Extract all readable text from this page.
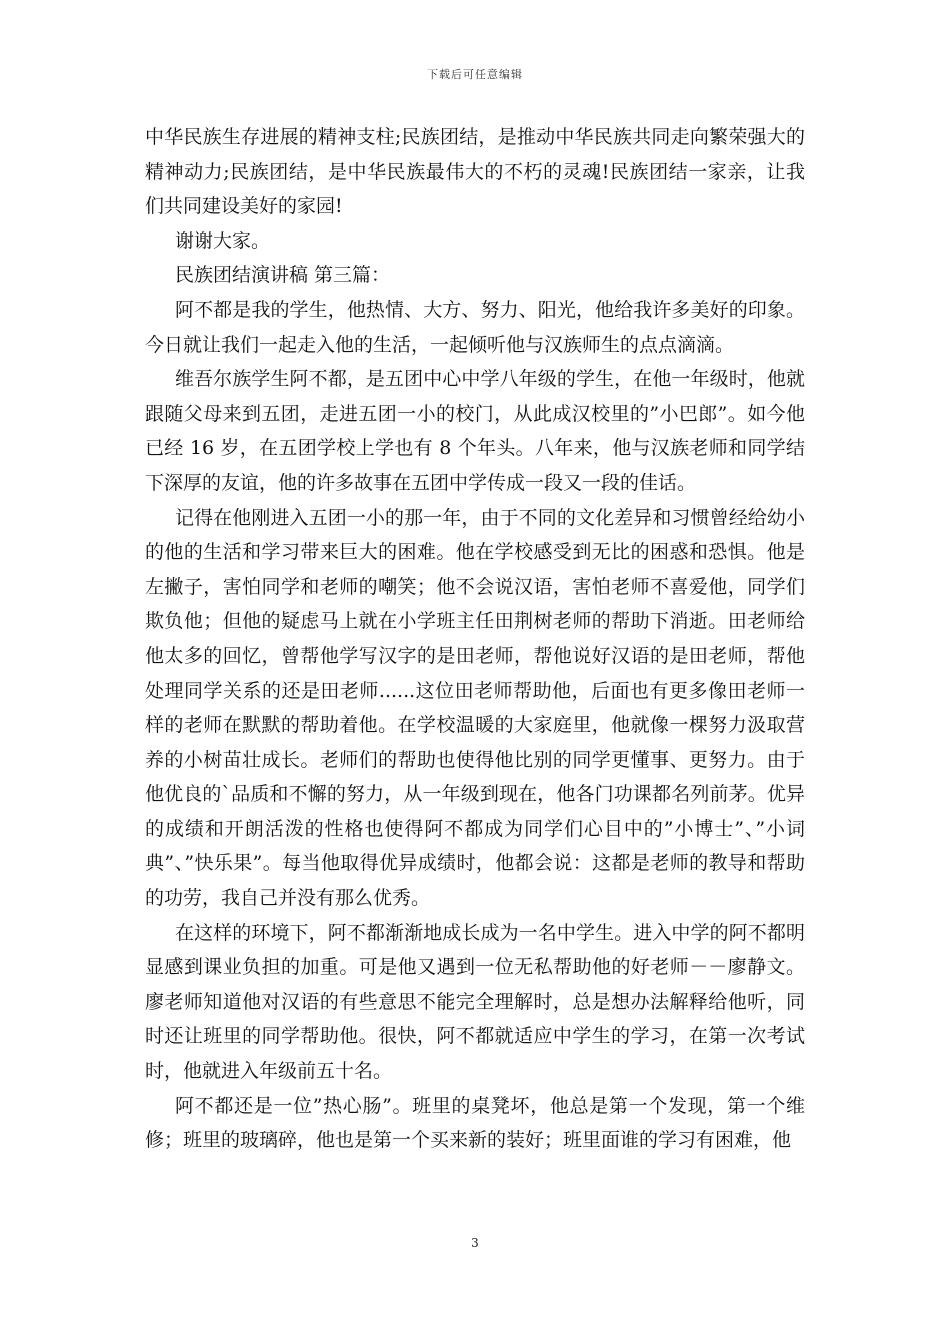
下载后可任意编辑

中华民族生存进展的精神支柱;民族团结，是推动中华民族共同走向繁荣强大的精神动力;民族团结，是中华民族最伟大的不朽的灵魂!民族团结一家亲，让我们共同建设美好的家园!

谢谢大家。

民族团结演讲稿 第三篇：

阿不都是我的学生，他热情、大方、努力、阳光，他给我许多美好的印象。今日就让我们一起走入他的生活，一起倾听他与汉族师生的点点滴滴。

维吾尔族学生阿不都，是五团中心中学八年级的学生，在他一年级时，他就跟随父母来到五团，走进五团一小的校门，从此成汉校里的”小巴郎”。如今他已经 16 岁，在五团学校上学也有 8 个年头。八年来，他与汉族老师和同学结下深厚的友谊，他的许多故事在五团中学传成一段又一段的佳话。

记得在他刚进入五团一小的那一年，由于不同的文化差异和习惯曾经给幼小的他的生活和学习带来巨大的困难。他在学校感受到无比的困惑和恐惧。他是左撇子，害怕同学和老师的嘲笑；他不会说汉语，害怕老师不喜爱他，同学们欺负他；但他的疑虑马上就在小学班主任田荆树老师的帮助下消逝。田老师给他太多的回忆，曾帮他学写汉字的是田老师，帮他说好汉语的是田老师，帮他处理同学关系的还是田老师......这位田老师帮助他，后面也有更多像田老师一样的老师在默默的帮助着他。在学校温暖的大家庭里，他就像一棵努力汲取营养的小树苗壮成长。老师们的帮助也使得他比别的同学更懂事、更努力。由于他优良的`品质和不懈的努力，从一年级到现在，他各门功课都名列前茅。优异的成绩和开朗活泼的性格也使得阿不都成为同学们心目中的”小博士”、”小词典”、”快乐果”。每当他取得优异成绩时，他都会说：这都是老师的教导和帮助的功劳，我自己并没有那么优秀。

在这样的环境下，阿不都渐渐地成长成为一名中学生。进入中学的阿不都明显感到课业负担的加重。可是他又遇到一位无私帮助他的好老师－－廖静文。廖老师知道他对汉语的有些意思不能完全理解时，总是想办法解释给他听，同时还让班里的同学帮助他。很快，阿不都就适应中学生的学习，在第一次考试时，他就进入年级前五十名。

阿不都还是一位”热心肠”。班里的桌凳坏，他总是第一个发现，第一个维修；班里的玻璃碎，他也是第一个买来新的装好；班里面谁的学习有困难，他

3
